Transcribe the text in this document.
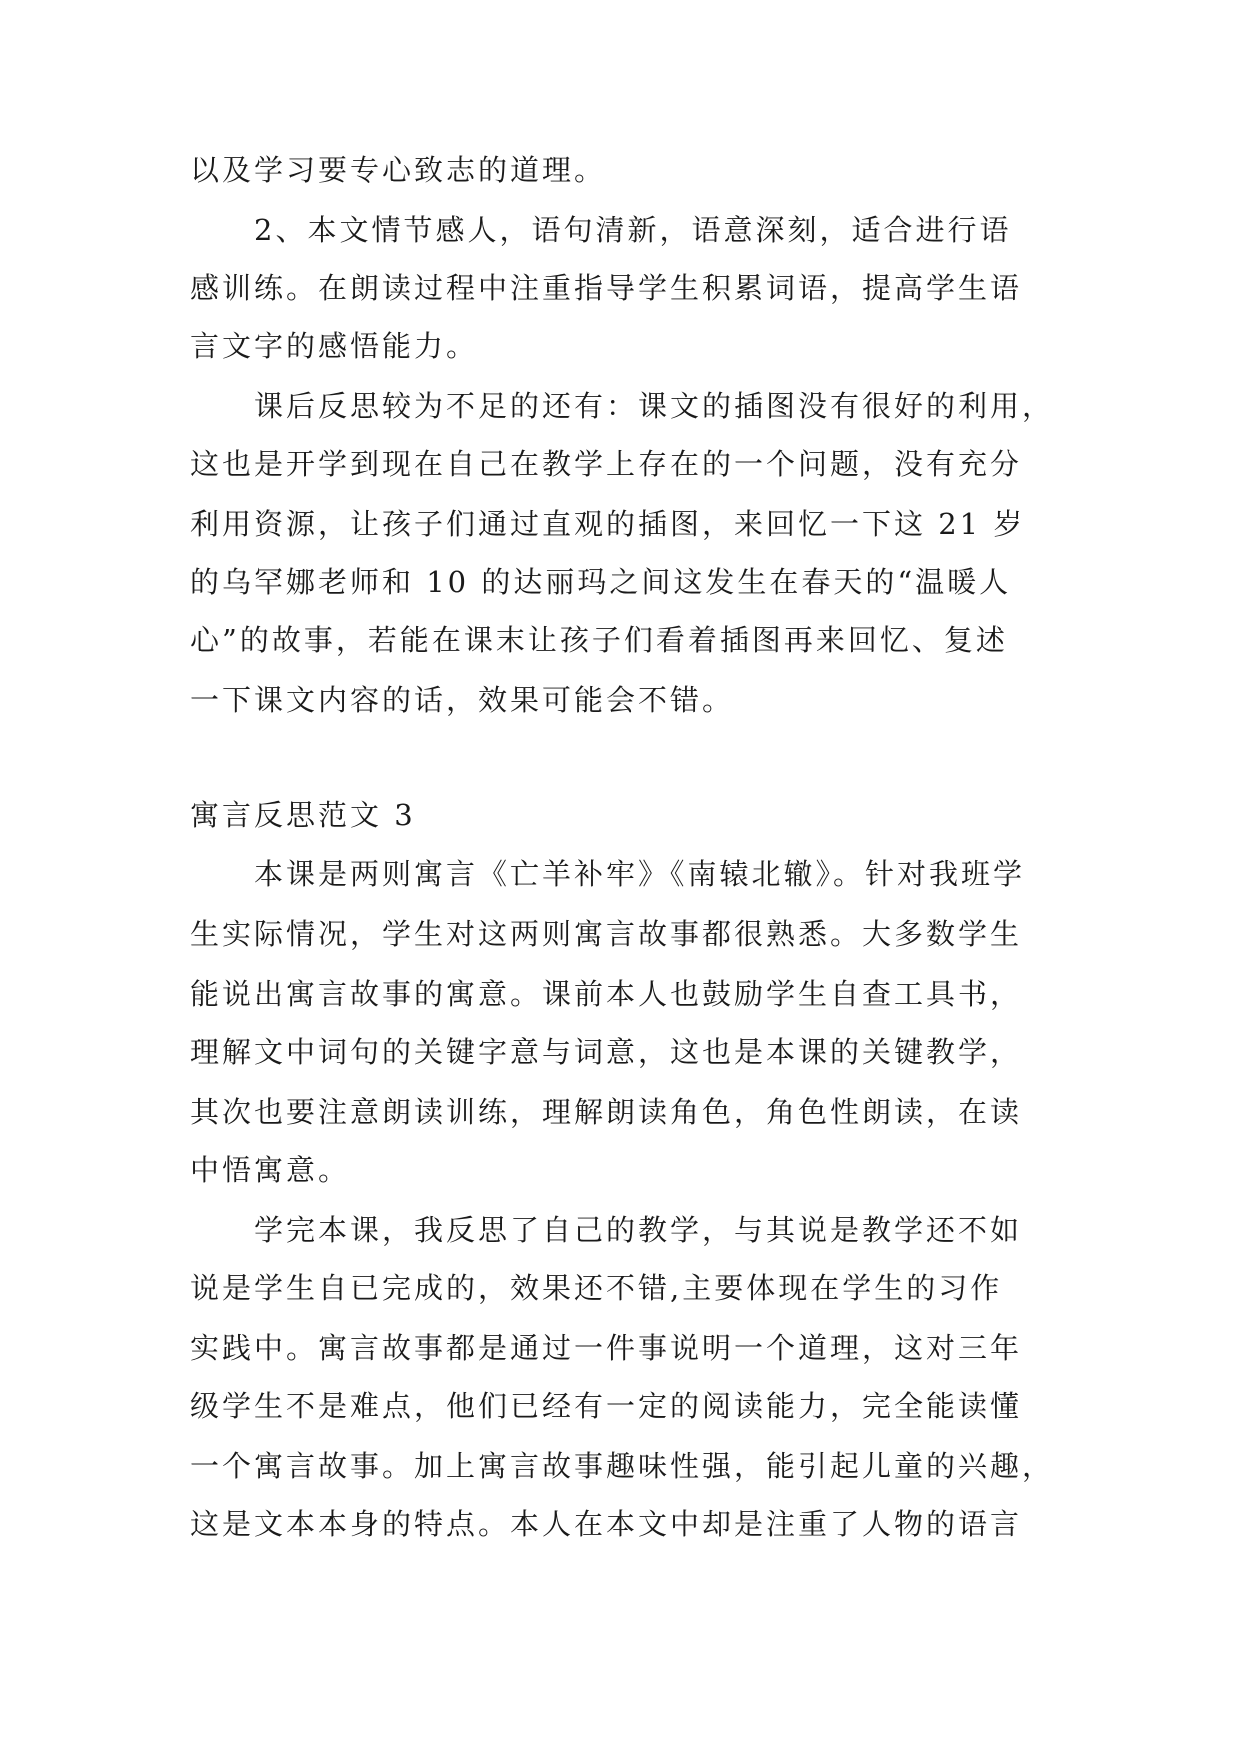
以及学习要专心致志的道理。
　　2、本文情节感人，语句清新，语意深刻，适合进行语
感训练。在朗读过程中注重指导学生积累词语，提高学生语
言文字的感悟能力。
　　课后反思较为不足的还有：课文的插图没有很好的利用，
这也是开学到现在自己在教学上存在的一个问题，没有充分
利用资源，让孩子们通过直观的插图，来回忆一下这 21 岁
的乌罕娜老师和 10 的达丽玛之间这发生在春天的“温暖人
心”的故事，若能在课末让孩子们看着插图再来回忆、复述
一下课文内容的话，效果可能会不错。
寓言反思范文 3
　　本课是两则寓言《亡羊补牢》《南辕北辙》。针对我班学
生实际情况，学生对这两则寓言故事都很熟悉。大多数学生
能说出寓言故事的寓意。课前本人也鼓励学生自查工具书，
理解文中词句的关键字意与词意，这也是本课的关键教学，
其次也要注意朗读训练，理解朗读角色，角色性朗读，在读
中悟寓意。
　　学完本课，我反思了自己的教学，与其说是教学还不如
说是学生自已完成的，效果还不错,主要体现在学生的习作
实践中。寓言故事都是通过一件事说明一个道理，这对三年
级学生不是难点，他们已经有一定的阅读能力，完全能读懂
一个寓言故事。加上寓言故事趣味性强，能引起儿童的兴趣，
这是文本本身的特点。本人在本文中却是注重了人物的语言
